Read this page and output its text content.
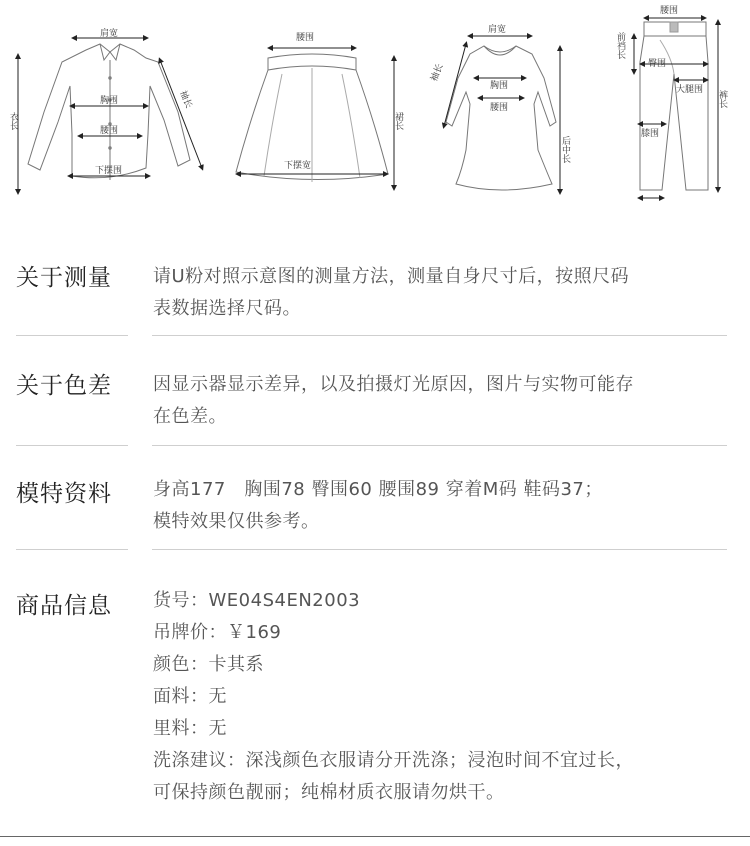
肩宽
衣长
袖长
胸围
腰围
下摆围
腰围
下摆宽
裙长
肩宽
袖长
胸围
腰围
后中长
腰围
前裆长
臀围
大腿围 裤长
膝围
关于测量 请U粉对照示意图的测量方法，测量自身尺寸后，按照尺码
表数据选择尺码。
关于色差 因显示器显示差异，以及拍摄灯光原因，图片与实物可能存
在色差。
模特资料 身高177　胸围78 臀围60 腰围89 穿着M码 鞋码37；
模特效果仅供参考。
商品信息 货号：WE04S4EN2003
吊牌价：￥169
颜色：卡其系
面料：无
里料：无
洗涤建议：深浅颜色衣服请分开洗涤；浸泡时间不宜过长，
可保持颜色靓丽；纯棉材质衣服请勿烘干。
